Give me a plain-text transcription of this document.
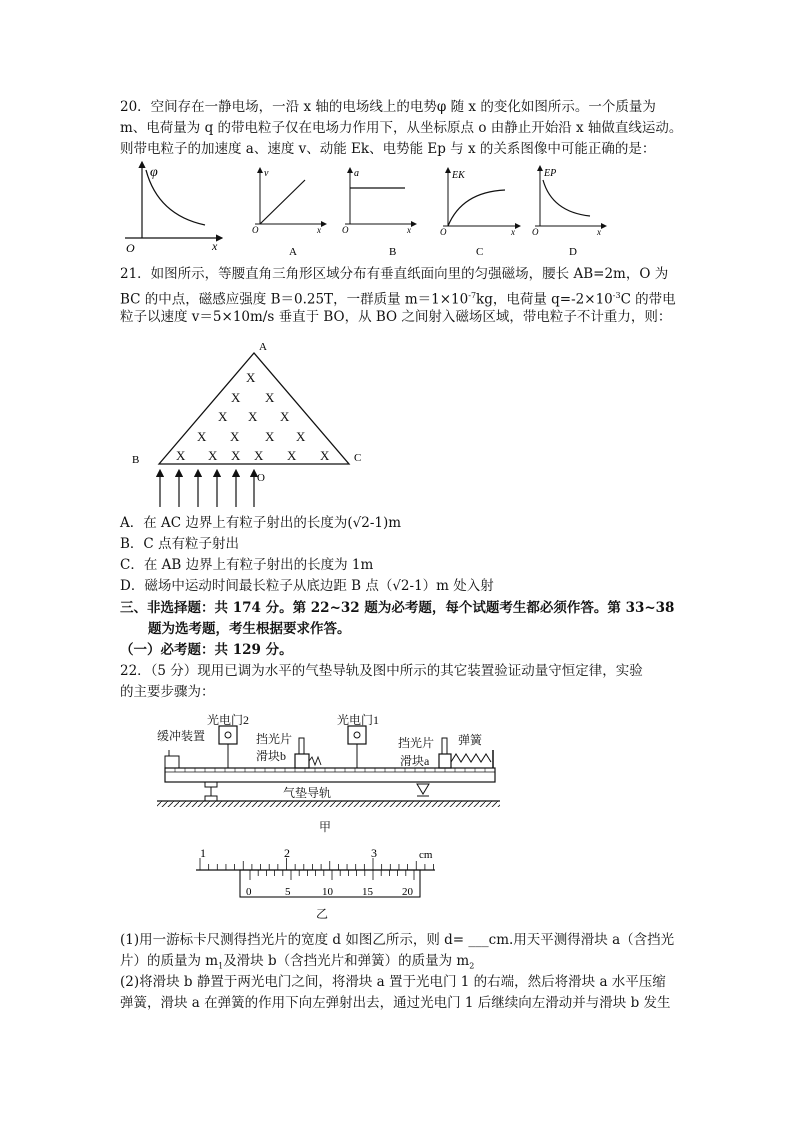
20．空间存在一静电场，一沿 x 轴的电场线上的电势φ 随 x 的变化如图所示。一个质量为
m、电荷量为 q 的带电粒子仅在电场力作用下，从坐标原点 o 由静止开始沿 x 轴做直线运动。
则带电粒子的加速度 a、速度 v、动能 Ek、电势能 Ep 与 x 的关系图像中可能正确的是：
φ
x
O
v
x
O
A
a
x
O
B
EK
x
O
C
EP
x
O
D
21．如图所示，等腰直角三角形区域分布有垂直纸面向里的匀强磁场，腰长 AB=2m，O 为
BC 的中点，磁感应强度 B＝0.25T，一群质量 $m=1\times 10^{-7}kg$，电荷量 $q=-2\times 10^{-3}C$ 的带电
粒子以速度 v＝5×10m/s 垂直于 BO，从 BO 之间射入磁场区域，带电粒子不计重力，则：
A
B	C
O
X
X X
X X X
X X X X
X X X X X X
A．在 AC 边界上有粒子射出的长度为(√2-1)m
B．C 点有粒子射出
C．在 AB 边界上有粒子射出的长度为 1m
D．磁场中运动时间最长粒子从底边距 B 点（√2-1）m 处入射
三、非选择题：共 174 分。第 22~32 题为必考题，每个试题考生都必须作答。第 33~38
题为选考题，考生根据要求作答。
（一）必考题：共 129 分。
22．（5 分）现用已调为水平的气垫导轨及图中所示的其它装置验证动量守恒定律，实验
的主要步骤为：
光电门2	光电门1
缓冲装置	挡光片
滑块b
挡光片
滑块a
弹簧
气垫导轨
甲
1	2	3	cm
0	5	10	15	20
乙
(1)用一游标卡尺测得挡光片的宽度 d 如图乙所示，则 d= ___cm.用天平测得滑块 a（含挡光
片）的质量为 $m_1$及滑块 b（含挡光片和弹簧）的质量为 $m_2$
(2)将滑块 b 静置于两光电门之间，将滑块 a 置于光电门 1 的右端，然后将滑块 a 水平压缩
弹簧，滑块 a 在弹簧的作用下向左弹射出去，通过光电门 1 后继续向左滑动并与滑块 b 发生
